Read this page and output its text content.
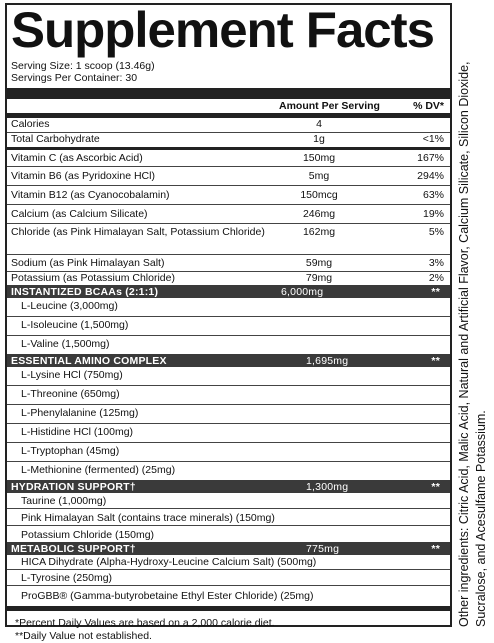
Supplement Facts
Serving Size: 1 scoop (13.46g)
Servings Per Container: 30
Amount Per Serving	% DV*
Calories	4
Total Carbohydrate	1g	<1%
Vitamin C (as Ascorbic Acid)	150mg	167%
Vitamin B6 (as Pyridoxine HCl)	5mg	294%
Vitamin B12 (as Cyanocobalamin)	150mcg	63%
Calcium (as Calcium Silicate)	246mg	19%
Chloride (as Pink Himalayan Salt, Potassium Chloride)	162mg	5%
Sodium (as Pink Himalayan Salt)	59mg	3%
Potassium (as Potassium Chloride)	79mg	2%
INSTANTIZED BCAAs (2:1:1)	6,000mg	**
L-Leucine (3,000mg)
L-Isoleucine (1,500mg)
L-Valine (1,500mg)
ESSENTIAL AMINO COMPLEX	1,695mg	**
L-Lysine HCl (750mg)
L-Threonine (650mg)
L-Phenylalanine (125mg)
L-Histidine HCl (100mg)
L-Tryptophan (45mg)
L-Methionine (fermented) (25mg)
HYDRATION SUPPORT†	1,300mg	**
Taurine (1,000mg)
Pink Himalayan Salt (contains trace minerals) (150mg)
Potassium Chloride (150mg)
METABOLIC SUPPORT†	775mg	**
HICA Dihydrate (Alpha-Hydroxy-Leucine Calcium Salt) (500mg)
L-Tyrosine (250mg)
ProGBB® (Gamma-butyrobetaine Ethyl Ester Chloride) (25mg)
*Percent Daily Values are based on a 2,000 calorie diet.
**Daily Value not established.
Other ingredients: Citric Acid, Malic Acid, Natural and Artificial Flavor, Calcium Silicate, Silicon Dioxide, Sucralose, and Acesulfame Potassium.
